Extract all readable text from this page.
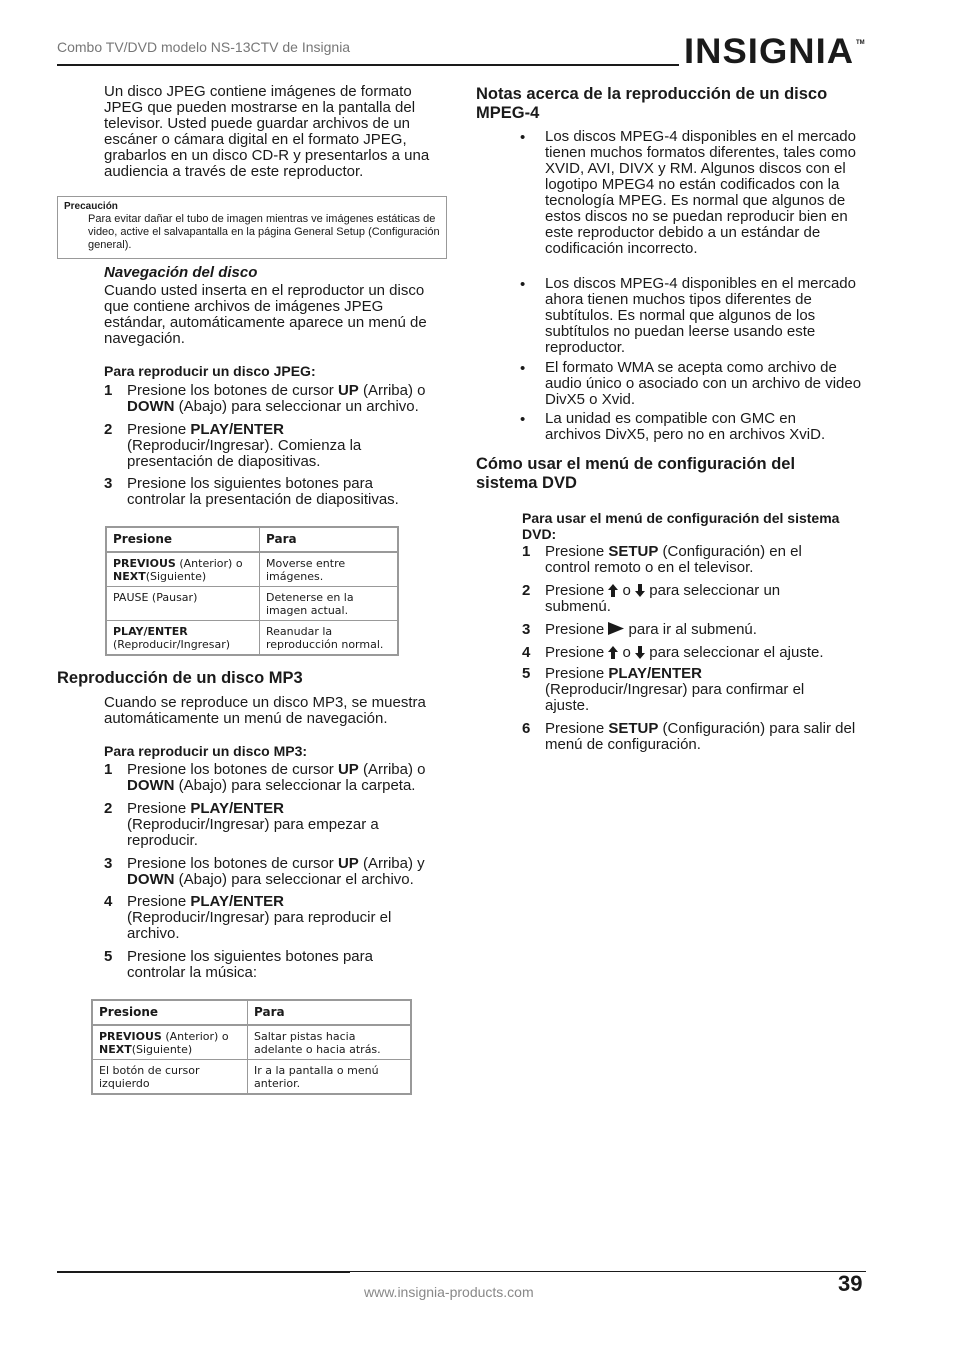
Combo TV/DVD modelo NS-13CTV de Insignia	INSIGNIA TM
Un disco JPEG contiene imágenes de formato JPEG que pueden mostrarse en la pantalla del televisor. Usted puede guardar archivos de un escáner o cámara digital en el formato JPEG, grabarlos en un disco CD-R y presentarlos a una audiencia a través de este reproductor.
Precaución
Para evitar dañar el tubo de imagen mientras ve imágenes estáticas de video, active el salvapantalla en la página General Setup (Configuración general).
Navegación del disco
Cuando usted inserta en el reproductor un disco que contiene archivos de imágenes JPEG estándar, automáticamente aparece un menú de navegación.
Para reproducir un disco JPEG:
1 Presione los botones de cursor UP (Arriba) o DOWN (Abajo) para seleccionar un archivo.
2 Presione PLAY/ENTER (Reproducir/Ingresar). Comienza la presentación de diapositivas.
3 Presione los siguientes botones para controlar la presentación de diapositivas.
Presione	Para
PREVIOUS (Anterior) o NEXT(Siguiente)	Moverse entre imágenes.
PAUSE (Pausar)	Detenerse en la imagen actual.
PLAY/ENTER
(Reproducir/Ingresar)	Reanudar la reproducción normal.
Reproducción de un disco MP3
Cuando se reproduce un disco MP3, se muestra automáticamente un menú de navegación.
Para reproducir un disco MP3:
1 Presione los botones de cursor UP (Arriba) o DOWN (Abajo) para seleccionar la carpeta.
2 Presione PLAY/ENTER (Reproducir/Ingresar) para empezar a reproducir.
3 Presione los botones de cursor UP (Arriba) y DOWN (Abajo) para seleccionar el archivo.
4 Presione PLAY/ENTER (Reproducir/Ingresar) para reproducir el archivo.
5 Presione los siguientes botones para controlar la música:
Presione	Para
PREVIOUS (Anterior) o NEXT(Siguiente)	Saltar pistas hacia adelante o hacia atrás.
El botón de cursor izquierdo	Ir a la pantalla o menú anterior.
Notas acerca de la reproducción de un disco MPEG-4
• Los discos MPEG-4 disponibles en el mercado tienen muchos formatos diferentes, tales como XVID, AVI, DIVX y RM. Algunos discos con el logotipo MPEG4 no están codificados con la tecnología MPEG. Es normal que algunos de estos discos no se puedan reproducir bien en este reproductor debido a un estándar de codificación incorrecto.
• Los discos MPEG-4 disponibles en el mercado ahora tienen muchos tipos diferentes de subtítulos. Es normal que algunos de los subtítulos no puedan leerse usando este reproductor.
• El formato WMA se acepta como archivo de audio único o asociado con un archivo de video DivX5 o Xvid.
• La unidad es compatible con GMC en archivos DivX5, pero no en archivos XviD.
Cómo usar el menú de configuración del sistema DVD
Para usar el menú de configuración del sistema DVD:
1 Presione SETUP (Configuración) en el control remoto o en el televisor.
2 Presione  o  para seleccionar un submenú.
3 Presione  para ir al submenú.
4 Presione  o  para seleccionar el ajuste.
5 Presione PLAY/ENTER (Reproducir/Ingresar) para confirmar el ajuste.
6 Presione SETUP (Configuración) para salir del menú de configuración.
www.insignia-products.com	39
